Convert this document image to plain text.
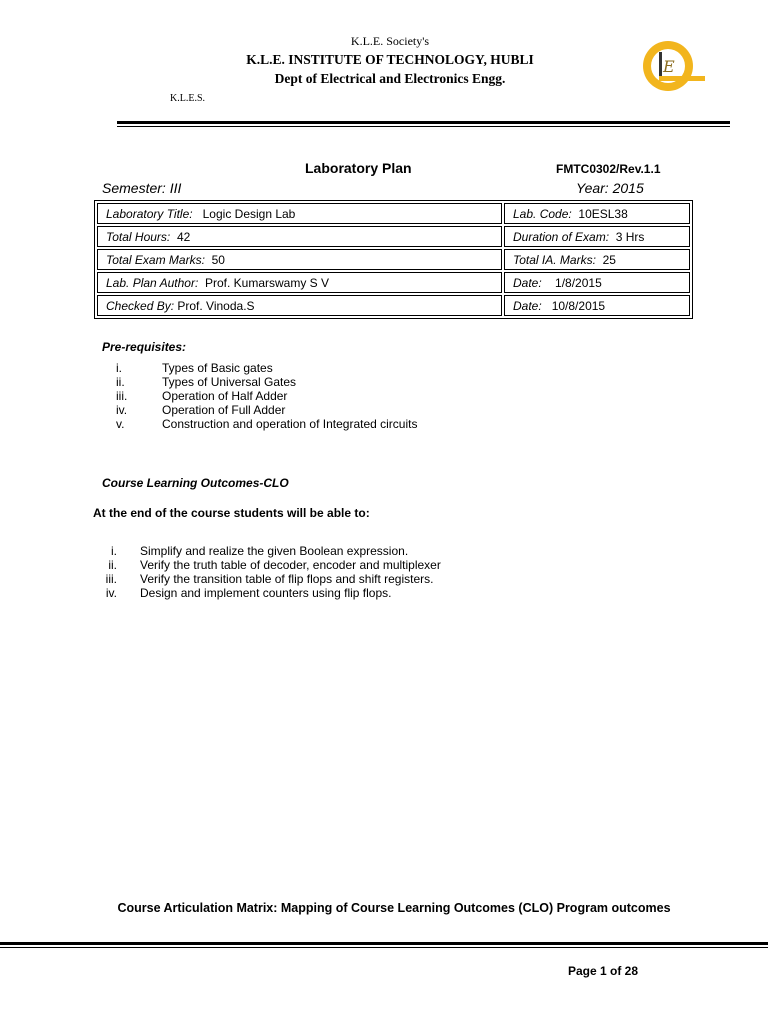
K.L.E. Society's
K.L.E. INSTITUTE OF TECHNOLOGY, HUBLI
Dept of Electrical and Electronics Engg.
K.L.E.S.
E
Laboratory Plan	FMTC0302/Rev.1.1
Semester: III	Year: 2015
Laboratory Title:   Logic Design Lab	Lab. Code:  10ESL38
Total Hours:  42	Duration of Exam:  3 Hrs
Total Exam Marks:  50	Total IA. Marks:  25
Lab. Plan Author:  Prof. Kumarswamy S V	Date:    1/8/2015
Checked By: Prof. Vinoda.S	Date:   10/8/2015
Pre-requisites:
i.	Types of Basic gates
ii.	Types of Universal Gates
iii.	Operation of Half Adder
iv.	Operation of Full Adder
v.	Construction and operation of Integrated circuits
Course Learning Outcomes-CLO
At the end of the course students will be able to:
i. Simplify and realize the given Boolean expression.
ii. Verify the truth table of decoder, encoder and multiplexer
iii. Verify the transition table of flip flops and shift registers.
iv. Design and implement counters using flip flops.
Course Articulation Matrix: Mapping of Course Learning Outcomes (CLO) Program outcomes
Page 1 of 28
